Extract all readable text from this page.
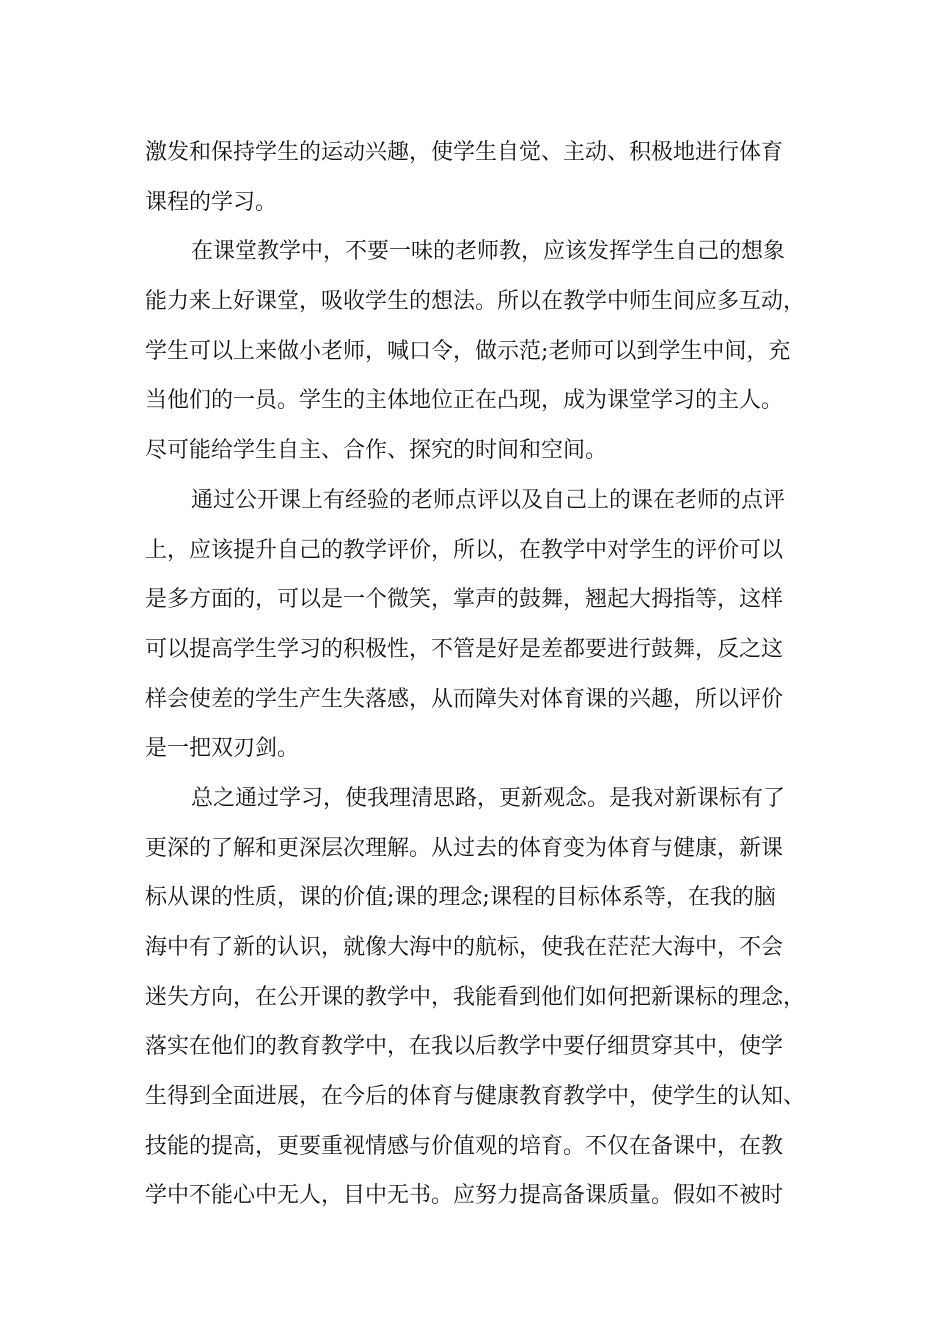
激发和保持学生的运动兴趣，使学生自觉、主动、积极地进行体育
课程的学习。
在课堂教学中，不要一味的老师教，应该发挥学生自己的想象
能力来上好课堂，吸收学生的想法。所以在教学中师生间应多互动，
学生可以上来做小老师，喊口令，做示范;老师可以到学生中间，充
当他们的一员。学生的主体地位正在凸现，成为课堂学习的主人。
尽可能给学生自主、合作、探究的时间和空间。
通过公开课上有经验的老师点评以及自己上的课在老师的点评
上，应该提升自己的教学评价，所以，在教学中对学生的评价可以
是多方面的，可以是一个微笑，掌声的鼓舞，翘起大拇指等，这样
可以提高学生学习的积极性，不管是好是差都要进行鼓舞，反之这
样会使差的学生产生失落感，从而障失对体育课的兴趣，所以评价
是一把双刃剑。
总之通过学习，使我理清思路，更新观念。是我对新课标有了
更深的了解和更深层次理解。从过去的体育变为体育与健康，新课
标从课的性质，课的价值;课的理念;课程的目标体系等，在我的脑
海中有了新的认识，就像大海中的航标，使我在茫茫大海中，不会
迷失方向，在公开课的教学中，我能看到他们如何把新课标的理念，
落实在他们的教育教学中，在我以后教学中要仔细贯穿其中，使学
生得到全面进展，在今后的体育与健康教育教学中，使学生的认知、
技能的提高，更要重视情感与价值观的培育。不仅在备课中，在教
学中不能心中无人，目中无书。应努力提高备课质量。假如不被时
